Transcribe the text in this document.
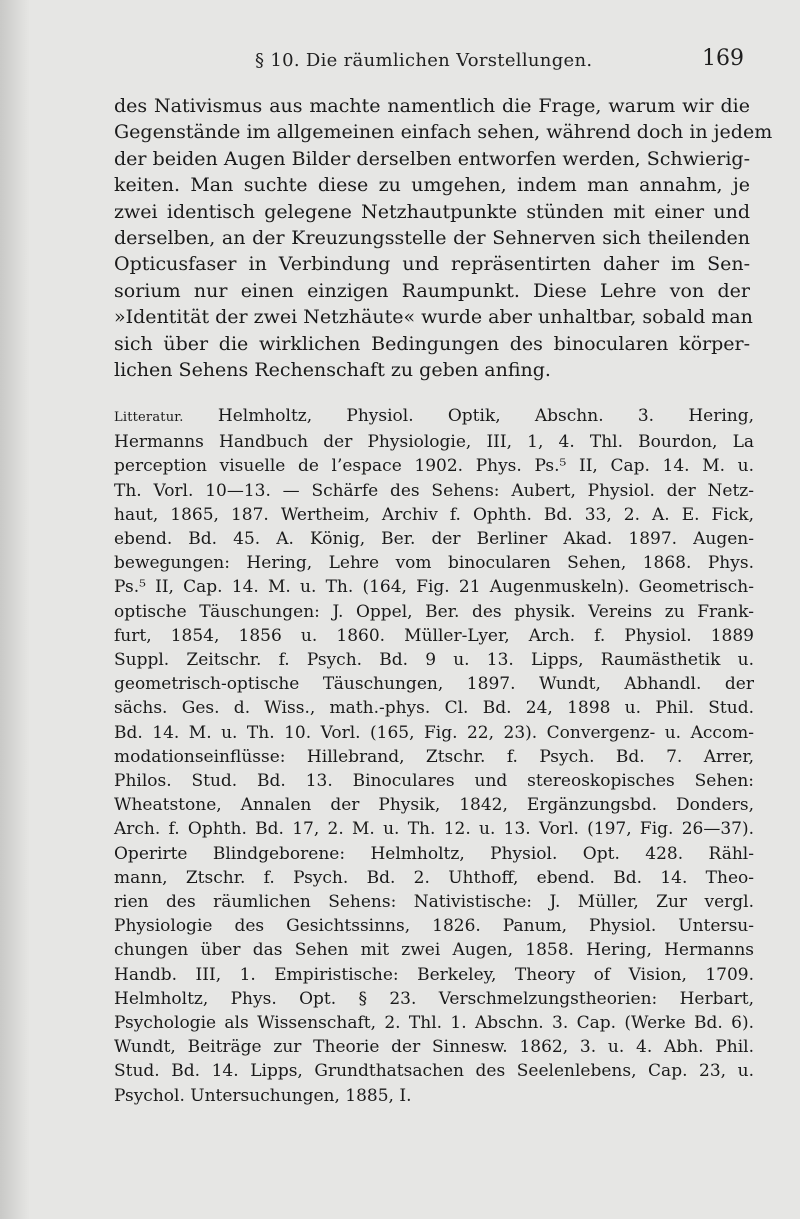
§ 10. Die räumlichen Vorstellungen.	169

des Nativismus aus machte namentlich die Frage, warum wir die
Gegenstände im allgemeinen einfach sehen, während doch in jedem
der beiden Augen Bilder derselben entworfen werden, Schwierig-
keiten. Man suchte diese zu umgehen, indem man annahm, je
zwei identisch gelegene Netzhautpunkte stünden mit einer und
derselben, an der Kreuzungsstelle der Sehnerven sich theilenden
Opticusfaser in Verbindung und repräsentirten daher im Sen-
sorium nur einen einzigen Raumpunkt. Diese Lehre von der
»Identität der zwei Netzhäute« wurde aber unhaltbar, sobald man
sich über die wirklichen Bedingungen des binocularen körper-
lichen Sehens Rechenschaft zu geben anfing.

Litteratur. Helmholtz, Physiol. Optik, Abschn. 3. Hering,
Hermanns Handbuch der Physiologie, III, 1, 4. Thl. Bourdon, La
perception visuelle de l’espace 1902. Phys. Ps.⁵ II, Cap. 14. M. u.
Th. Vorl. 10—13. — Schärfe des Sehens: Aubert, Physiol. der Netz-
haut, 1865, 187. Wertheim, Archiv f. Ophth. Bd. 33, 2. A. E. Fick,
ebend. Bd. 45. A. König, Ber. der Berliner Akad. 1897. Augen-
bewegungen: Hering, Lehre vom binocularen Sehen, 1868. Phys.
Ps.⁵ II, Cap. 14. M. u. Th. (164, Fig. 21 Augenmuskeln). Geometrisch-
optische Täuschungen: J. Oppel, Ber. des physik. Vereins zu Frank-
furt, 1854, 1856 u. 1860. Müller-Lyer, Arch. f. Physiol. 1889
Suppl. Zeitschr. f. Psych. Bd. 9 u. 13. Lipps, Raumästhetik u.
geometrisch-optische Täuschungen, 1897. Wundt, Abhandl. der
sächs. Ges. d. Wiss., math.-phys. Cl. Bd. 24, 1898 u. Phil. Stud.
Bd. 14. M. u. Th. 10. Vorl. (165, Fig. 22, 23). Convergenz- u. Accom-
modationseinflüsse: Hillebrand, Ztschr. f. Psych. Bd. 7. Arrer,
Philos. Stud. Bd. 13. Binoculares und stereoskopisches Sehen:
Wheatstone, Annalen der Physik, 1842, Ergänzungsbd. Donders,
Arch. f. Ophth. Bd. 17, 2. M. u. Th. 12. u. 13. Vorl. (197, Fig. 26—37).
Operirte Blindgeborene: Helmholtz, Physiol. Opt. 428. Rähl-
mann, Ztschr. f. Psych. Bd. 2. Uhthoff, ebend. Bd. 14. Theo-
rien des räumlichen Sehens: Nativistische: J. Müller, Zur vergl.
Physiologie des Gesichtssinns, 1826. Panum, Physiol. Untersu-
chungen über das Sehen mit zwei Augen, 1858. Hering, Hermanns
Handb. III, 1. Empiristische: Berkeley, Theory of Vision, 1709.
Helmholtz, Phys. Opt. § 23. Verschmelzungstheorien: Herbart,
Psychologie als Wissenschaft, 2. Thl. 1. Abschn. 3. Cap. (Werke Bd. 6).
Wundt, Beiträge zur Theorie der Sinnesw. 1862, 3. u. 4. Abh. Phil.
Stud. Bd. 14. Lipps, Grundthatsachen des Seelenlebens, Cap. 23, u.
Psychol. Untersuchungen, 1885, I.
